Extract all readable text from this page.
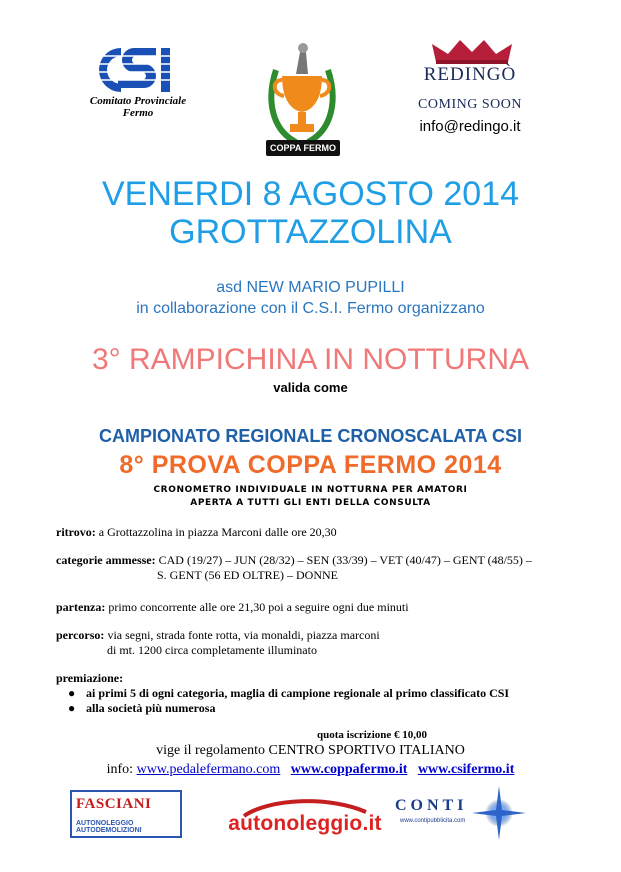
Comitato Provinciale
Fermo
COPPA FERMO
REDINGÒ
COMING SOON
info@redingo.it
VENERDI 8 AGOSTO 2014
GROTTAZZOLINA
asd NEW MARIO PUPILLI
in collaborazione con il C.S.I. Fermo organizzano
3° RAMPICHINA IN NOTTURNA
valida come
CAMPIONATO REGIONALE CRONOSCALATA CSI
8° PROVA COPPA FERMO 2014
CRONOMETRO INDIVIDUALE IN NOTTURNA PER AMATORI
APERTA A TUTTI GLI ENTI DELLA CONSULTA
ritrovo: a Grottazzolina in piazza Marconi dalle ore 20,30
categorie ammesse: CAD (19/27) – JUN (28/32) – SEN (33/39) – VET (40/47) – GENT (48/55) –
S. GENT (56 ED OLTRE) – DONNE
partenza: primo concorrente alle ore 21,30 poi a seguire ogni due minuti
percorso: via segni, strada fonte rotta, via monaldi, piazza marconi
di mt. 1200 circa completamente illuminato
premiazione:
● ai primi 5 di ogni categoria, maglia di campione regionale al primo classificato CSI
● alla società più numerosa
quota iscrizione € 10,00
vige il regolamento CENTRO SPORTIVO ITALIANO
info: www.pedalefermano.com www.coppafermo.it www.csifermo.it
FASCIANI
AUTONOLEGGIO AUTODEMOLIZIONI	autonoleggio.it
CONTI
www.contipubblicita.com
